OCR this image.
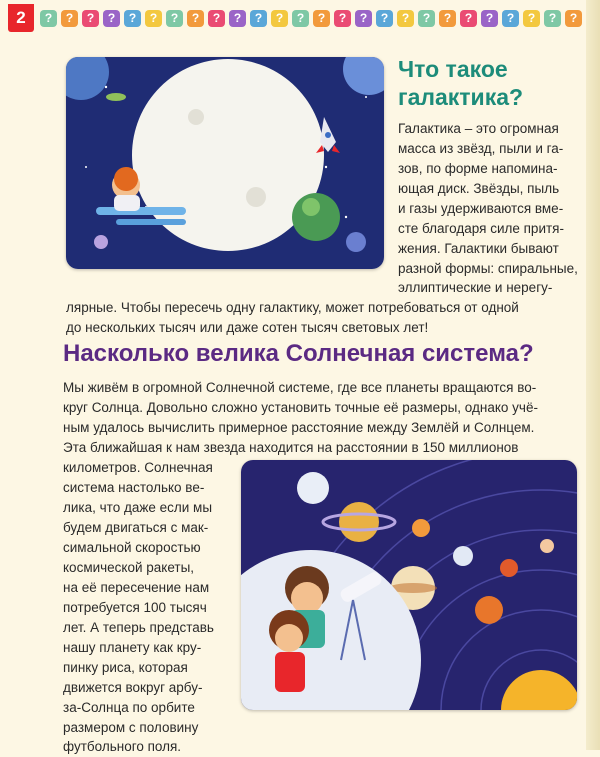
2	?	?	?	?	?	?	?	?	?	?	?	?	?	?	?	?	?	?	?	?	?	?	?	?	?	?
Что такое
галактика?

Галактика – это огромная

масса из звёзд, пыли и га-

зов, по форме напомина-

ющая диск. Звёзды, пыль

и газы удерживаются вме-

сте благодаря силе притя-

жения. Галактики бывают

разной формы: спиральные,

эллиптические и нерегу-

лярные. Чтобы пересечь одну галактику, может потребоваться от одной

до нескольких тысяч или даже сотен тысяч световых лет!

Насколько велика Солнечная система?

Мы живём в огромной Солнечной системе, где все планеты вращаются во-

круг Солнца. Довольно сложно установить точные её размеры, однако учё-

ным удалось вычислить примерное расстояние между Землёй и Солнцем.

Эта ближайшая к нам звезда находится на расстоянии в 150 миллионов

километров. Солнечная

система настолько ве-

лика, что даже если мы

будем двигаться с мак-

симальной скоростью

космической ракеты,

на её пересечение нам

потребуется 100 тысяч

лет. А теперь представь

нашу планету как кру-

пинку риса, которая

движется вокруг арбу-

за-Солнца по орбите

размером с половину

футбольного поля.
